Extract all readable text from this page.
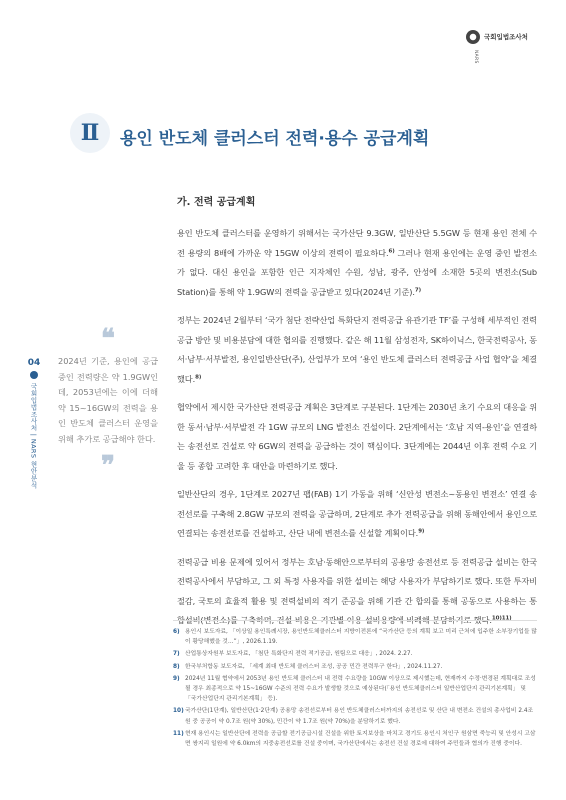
국회입법조사처
NARS
04
국회입법조사처 | NARS 현안분석
Ⅱ 용인 반도체 클러스터 전력·용수 공급계획
❝

2024년 기준, 용인에 공급 중인 전력량은 약 1.9GW인데, 2053년에는 이에 더해 약 15~16GW의 전력을 용인 반도체 클러스터 운영을 위해 추가로 공급해야 한다.

❞
가. 전력 공급계획

용인 반도체 클러스터를 운영하기 위해서는 국가산단 9.3GW, 일반산단 5.5GW 등 현재 용인 전체 수전 용량의 8배에 가까운 약 15GW 이상의 전력이 필요하다.$^{6)}$ 그러나 현재 용인에는 운영 중인 발전소가 없다. 대신 용인을 포함한 인근 지자체인 수원, 성남, 광주, 안성에 소재한 5곳의 변전소(Sub Station)를 통해 약 1.9GW의 전력을 공급받고 있다(2024년 기준).$^{7)}$

정부는 2024년 2월부터 ‘국가 첨단 전략산업 특화단지 전력공급 유관기관 TF’를 구성해 세부적인 전력 공급 방안 및 비용분담에 대한 협의를 진행했다. 같은 해 11월 삼성전자, SK하이닉스, 한국전력공사, 동서·남부·서부발전, 용인일반산단(주), 산업부가 모여 ‘용인 반도체 클러스터 전력공급 사업 협약’을 체결했다.$^{8)}$

협약에서 제시한 국가산단 전력공급 계획은 3단계로 구분된다. 1단계는 2030년 초기 수요의 대응을 위한 동서·남부·서부발전 각 1GW 규모의 LNG 발전소 건설이다. 2단계에서는 ‘호남 지역-용인’을 연결하는 송전선로 건설로 약 6GW의 전력을 공급하는 것이 핵심이다. 3단계에는 2044년 이후 전력 수요 기울 등 종합 고려한 후 대안을 마련하기로 했다.

일반산단의 경우, 1단계로 2027년 팹(FAB) 1기 가동을 위해 ‘신안성 변전소~동용인 변전소’ 연결 송전선로를 구축해 2.8GW 규모의 전력을 공급하며, 2단계로 추가 전력공급을 위해 동해안에서 용인으로 연결되는 송전선로를 건설하고, 산단 내에 변전소를 신설할 계획이다.$^{9)}$

전력공급 비용 문제에 있어서 정부는 호남·동해안으로부터의 공용망 송전선로 등 전력공급 설비는 한국전력공사에서 부담하고, 그 외 특정 사용자를 위한 설비는 해당 사용자가 부담하기로 했다. 또한 투자비 절감, 국토의 효율적 활용 및 전력설비의 적기 준공을 위해 기관 간 합의를 통해 공동으로 사용하는 통합설비(변전소)를 구축하며, 건설 비용은 기관별 이용 설비용량에 비례해 분담하기로 했다.$^{10)11)}$

6) 용인시 보도자료, 「이상일 용인특례시장, 용인반도체클러스터 지방이전론에 “국가산단 등의 계획 보고 미리 근처에 입주한 소부장기업들 많이 황당해했을 것…”」, 2026.1.19.
7) 산업통상자원부 보도자료, 「첨단 특화단지 전력 적기공급, 원팀으로 대응」, 2024. 2.27.
8) 한국부처합동 보도자료, 「세계 최대 반도체 클러스터 조성, 공공 민간 전력투구 한다」, 2024.11.27.
9) 2024년 11월 협약에서 2053년 용인 반도체 클러스터 내 전력 수요량을 10GW 이상으로 제시했는데, 현재까지 수정·변경된 계획대로 조성될 경우 최종적으로 약 15~16GW 수준의 전력 수요가 발생할 것으로 예상된다(「용인 반도체클러스터 일반산업단지 관리기본계획」 및 「국가산업단지 관리기본계획」 등).
10) 국가산단(1단계), 일반산단(1·2단계) 공용망 송전선로부터 용인 반도체클러스터까지의 송전선로 및 산단 내 변전소 건설의 총사업비 2.4조 원 중 공공이 약 0.7조 원(약 30%), 민간이 약 1.7조 원(약 70%)을 분담하기로 했다.
11) 현재 용인시는 일반산단에 전력을 공급할 전기공급시설 건설을 위한 토지보상을 마치고 경기도 용인시 처인구 원삼면 죽능리 및 안성시 고삼면 쌍지리 일원에 약 6.0km의 지중송전선로를 건설 중이며, 국가산단에서는 송전선 건설 경로에 대하여 주민들과 협의가 진행 중이다.
